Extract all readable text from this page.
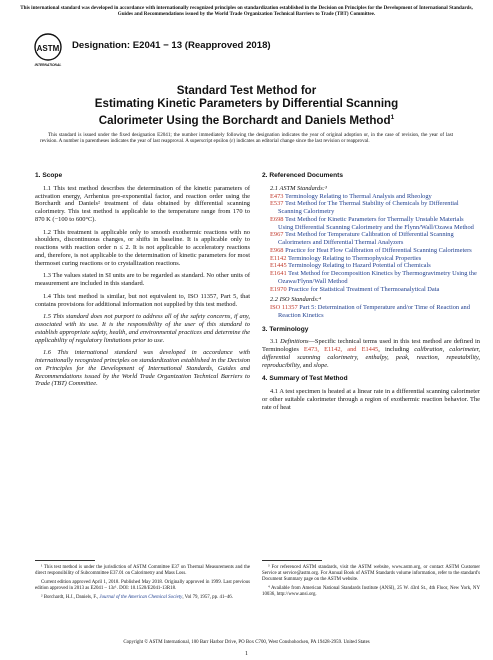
This international standard was developed in accordance with internationally recognized principles on standardization established in the Decision on Principles for the Development of International Standards, Guides and Recommendations issued by the World Trade Organization Technical Barriers to Trade (TBT) Committee.
ASTM
INTERNATIONAL
Designation: E2041 − 13 (Reapproved 2018)
Standard Test Method for
Estimating Kinetic Parameters by Differential Scanning
Calorimeter Using the Borchardt and Daniels Method$^1$
This standard is issued under the fixed designation E2041; the number immediately following the designation indicates the year of original adoption or, in the case of revision, the year of last revision. A number in parentheses indicates the year of last reapproval. A superscript epsilon (ε) indicates an editorial change since the last revision or reapproval.
1. Scope
1.1 This test method describes the determination of the kinetic parameters of activation energy, Arrhenius pre-exponential factor, and reaction order using the Borchardt and Daniels² treatment of data obtained by differential scanning calorimetry. This test method is applicable to the temperature range from 170 to 870 K (−100 to 600°C).
1.2 This treatment is applicable only to smooth exothermic reactions with no shoulders, discontinuous changes, or shifts in baseline. It is applicable only to reactions with reaction order n ≤ 2. It is not applicable to acceleratory reactions and, therefore, is not applicable to the determination of kinetic parameters for most thermoset curing reactions or to crystallization reactions.
1.3 The values stated in SI units are to be regarded as standard. No other units of measurement are included in this standard.
1.4 This test method is similar, but not equivalent to, ISO 11357, Part 5, that contains provisions for additional information not supplied by this test method.
1.5 This standard does not purport to address all of the safety concerns, if any, associated with its use. It is the responsibility of the user of this standard to establish appropriate safety, health, and environmental practices and determine the applicability of regulatory limitations prior to use.
1.6 This international standard was developed in accordance with internationally recognized principles on standardization established in the Decision on Principles for the Development of International Standards, Guides and Recommendations issued by the World Trade Organization Technical Barriers to Trade (TBT) Committee.
2. Referenced Documents
2.1 ASTM Standards:³
E473 Terminology Relating to Thermal Analysis and Rheology
E537 Test Method for The Thermal Stability of Chemicals by Differential Scanning Calorimetry
E698 Test Method for Kinetic Parameters for Thermally Unstable Materials Using Differential Scanning Calorimetry and the Flynn/Wall/Ozawa Method
E967 Test Method for Temperature Calibration of Differential Scanning Calorimeters and Differential Thermal Analyzers
E968 Practice for Heat Flow Calibration of Differential Scanning Calorimeters
E1142 Terminology Relating to Thermophysical Properties
E1445 Terminology Relating to Hazard Potential of Chemicals
E1641 Test Method for Decomposition Kinetics by Thermogravimetry Using the Ozawa/Flynn/Wall Method
E1970 Practice for Statistical Treatment of Thermoanalytical Data
2.2 ISO Standards:⁴
ISO 11357 Part 5: Determination of Temperature and/or Time of Reaction and Reaction Kinetics
3. Terminology
3.1 Definitions—Specific technical terms used in this test method are defined in Terminologies E473, E1142, and E1445, including calibration, calorimeter, differential scanning calorimetry, enthalpy, peak, reaction, repeatability, reproducibility, and slope.
4. Summary of Test Method
4.1 A test specimen is heated at a linear rate in a differential scanning calorimeter or other suitable calorimeter through a region of exothermic reaction behavior. The rate of heat

¹ This test method is under the jurisdiction of ASTM Committee E37 on Thermal Measurements and the direct responsibility of Subcommittee E37.01 on Calorimetry and Mass Loss.

Current edition approved April 1, 2018. Published May 2018. Originally approved in 1999. Last previous edition approved in 2013 as E2041 – 13ε¹. DOI: 10.1520/E2041-13R18.

² Borchardt, H.J., Daniels, F., Journal of the American Chemical Society, Vol 79, 1957, pp. 41–46.

³ For referenced ASTM standards, visit the ASTM website, www.astm.org, or contact ASTM Customer Service at service@astm.org. For Annual Book of ASTM Standards volume information, refer to the standard's Document Summary page on the ASTM website.

⁴ Available from American National Standards Institute (ANSI), 25 W. 43rd St., 4th Floor, New York, NY 10036, http://www.ansi.org.

Copyright © ASTM International, 100 Barr Harbor Drive, PO Box C700, West Conshohocken, PA 19428-2959. United States
1
